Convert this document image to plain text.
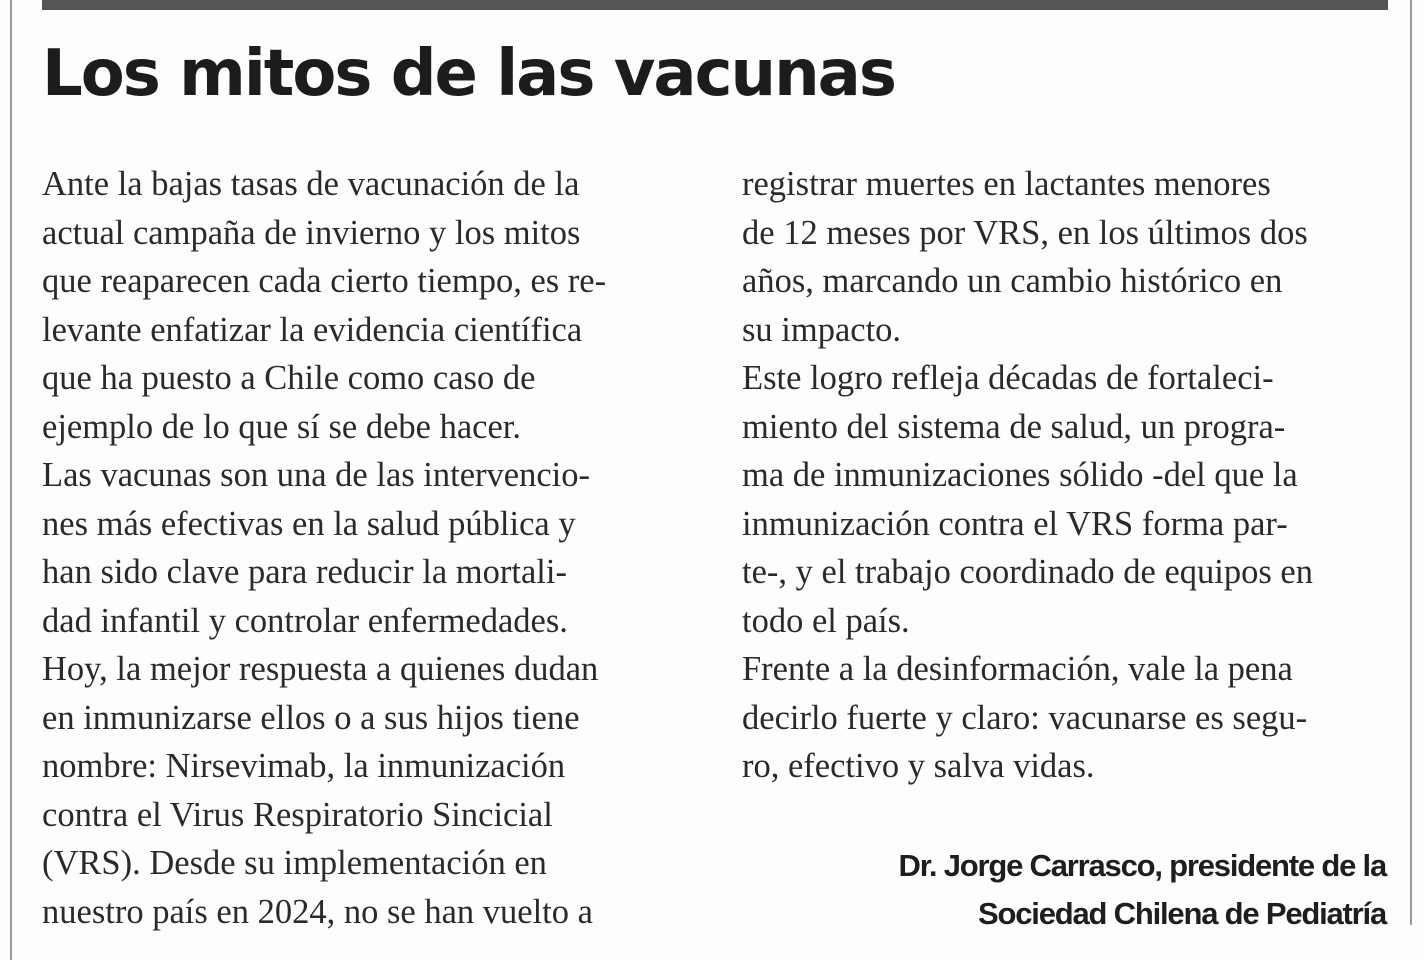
Los mitos de las vacunas
Ante la bajas tasas de vacunación de la
actual campaña de invierno y los mitos
que reaparecen cada cierto tiempo, es re-
levante enfatizar la evidencia científica
que ha puesto a Chile como caso de
ejemplo de lo que sí se debe hacer.
Las vacunas son una de las intervencio-
nes más efectivas en la salud pública y
han sido clave para reducir la mortali-
dad infantil y controlar enfermedades.
Hoy, la mejor respuesta a quienes dudan
en inmunizarse ellos o a sus hijos tiene
nombre: Nirsevimab, la inmunización
contra el Virus Respiratorio Sincicial
(VRS). Desde su implementación en
nuestro país en 2024, no se han vuelto a
registrar muertes en lactantes menores
de 12 meses por VRS, en los últimos dos
años, marcando un cambio histórico en
su impacto.
Este logro refleja décadas de fortaleci-
miento del sistema de salud, un progra-
ma de inmunizaciones sólido -del que la
inmunización contra el VRS forma par-
te-, y el trabajo coordinado de equipos en
todo el país.
Frente a la desinformación, vale la pena
decirlo fuerte y claro: vacunarse es segu-
ro, efectivo y salva vidas.
Dr. Jorge Carrasco, presidente de la
Sociedad Chilena de Pediatría
